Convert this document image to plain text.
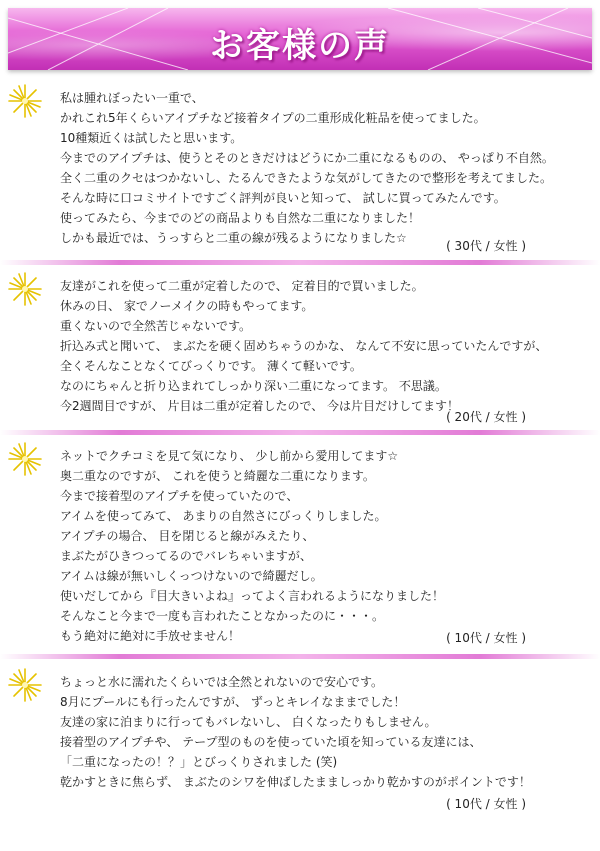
お客様の声
私は腫れぼったい一重で、
かれこれ5年くらいアイプチなど接着タイプの二重形成化粧品を使ってました。
10種類近くは試したと思います。
今までのアイプチは、使うとそのときだけはどうにか二重になるものの、 やっぱり不自然。
全く二重のクセはつかないし、たるんできたような気がしてきたので整形を考えてました。
そんな時に口コミサイトですごく評判が良いと知って、 試しに買ってみたんです。
使ってみたら、今までのどの商品よりも自然な二重になりました！
しかも最近では、うっすらと二重の線が残るようになりました☆
( 30代 / 女性 )
友達がこれを使って二重が定着したので、 定着目的で買いました。
休みの日、 家でノーメイクの時もやってます。
重くないので全然苦じゃないです。
折込み式と聞いて、 まぶたを硬く固めちゃうのかな、 なんて不安に思っていたんですが、
全くそんなことなくてびっくりです。 薄くて軽いです。
なのにちゃんと折り込まれてしっかり深い二重になってます。 不思議。
今2週間目ですが、 片目は二重が定着したので、 今は片目だけしてます！
( 20代 / 女性 )
ネットでクチコミを見て気になり、 少し前から愛用してます☆
奥二重なのですが、 これを使うと綺麗な二重になります。
今まで接着型のアイプチを使っていたので、
アイムを使ってみて、 あまりの自然さにびっくりしました。
アイプチの場合、 目を閉じると線がみえたり、
まぶたがひきつってるのでバレちゃいますが、
アイムは線が無いしくっつけないので綺麗だし。
使いだしてから『目大きいよね』ってよく言われるようになりました！
そんなこと今まで一度も言われたことなかったのに・・・。
もう絶対に絶対に手放せません！	( 10代 / 女性 )
ちょっと水に濡れたくらいでは全然とれないので安心です。
8月にプールにも行ったんですが、 ずっとキレイなままでした！
友達の家に泊まりに行ってもバレないし、 白くなったりもしません。
接着型のアイプチや、 テープ型のものを使っていた頃を知っている友達には、
「二重になったの！？」とびっくりされました (笑)
乾かすときに焦らず、 まぶたのシワを伸ばしたまましっかり乾かすのがポイントです！
( 10代 / 女性 )
